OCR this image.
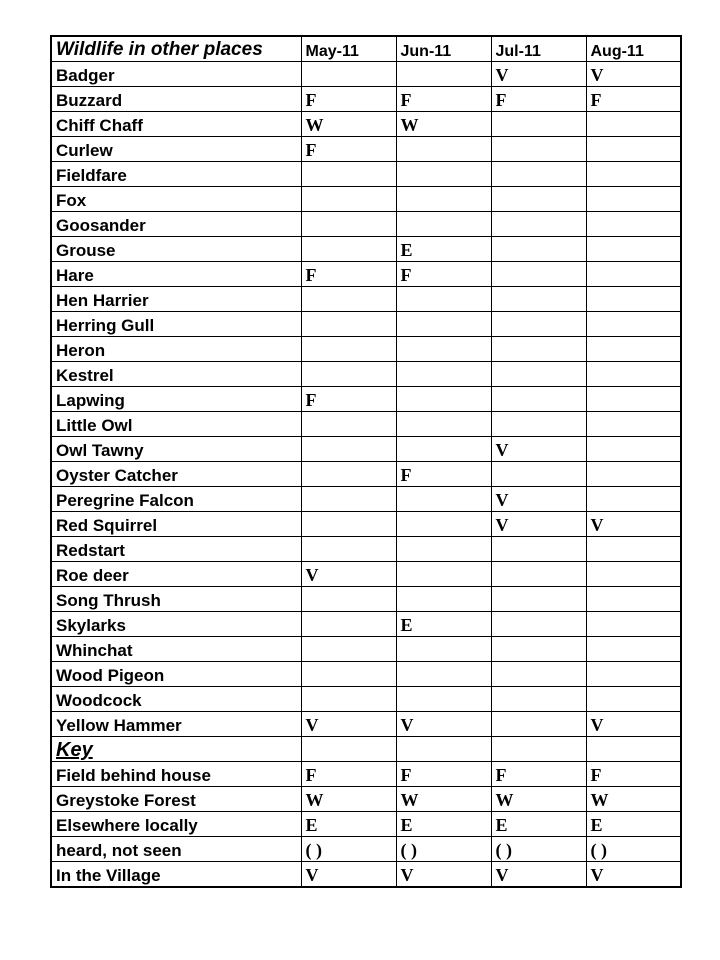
Wildlife in other places	May-11	Jun-11	Jul-11	Aug-11
Badger			V	V
Buzzard	F	F	F	F
Chiff Chaff	W	W		
Curlew	F			
Fieldfare				
Fox				
Goosander				
Grouse		E		
Hare	F	F		
Hen Harrier				
Herring Gull				
Heron				
Kestrel				
Lapwing	F			
Little Owl				
Owl Tawny			V	
Oyster Catcher		F		
Peregrine Falcon			V	
Red Squirrel			V	V
Redstart				
Roe deer	V			
Song Thrush				
Skylarks		E		
Whinchat				
Wood Pigeon				
Woodcock				
Yellow Hammer	V	V		V
Key				
Field behind house	F	F	F	F
Greystoke Forest	W	W	W	W
Elsewhere locally	E	E	E	E
heard, not seen	( )	( )	( )	( )
In the Village	V	V	V	V
